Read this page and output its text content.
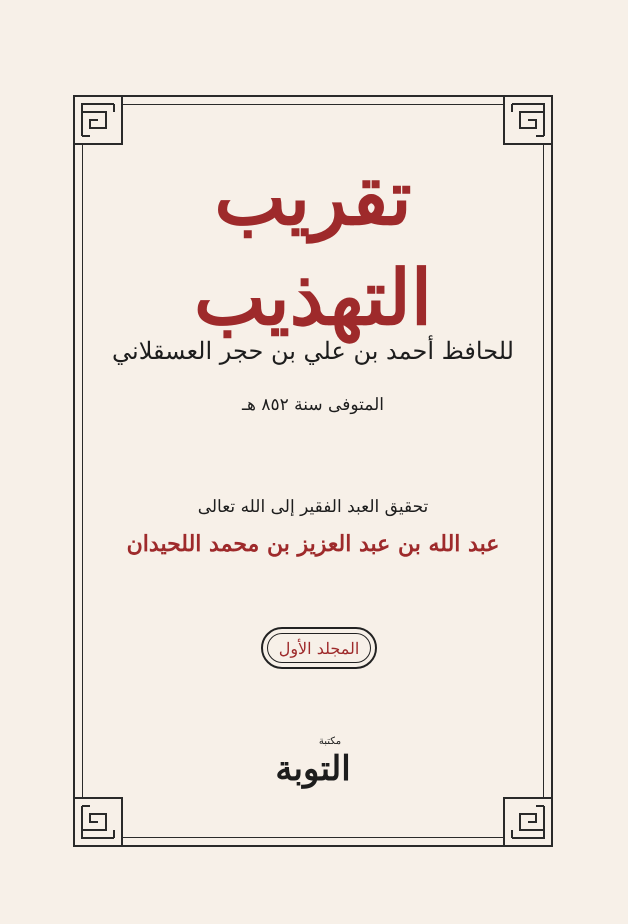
تقريب التهذيب
للحافظ أحمد بن علي بن حجر العسقلاني
المتوفى سنة ٨٥٢ هـ
تحقيق العبد الفقير إلى الله تعالى
عبد الله بن عبد العزيز بن محمد اللحيدان
المجلد الأول
مكتبة
التوبة
